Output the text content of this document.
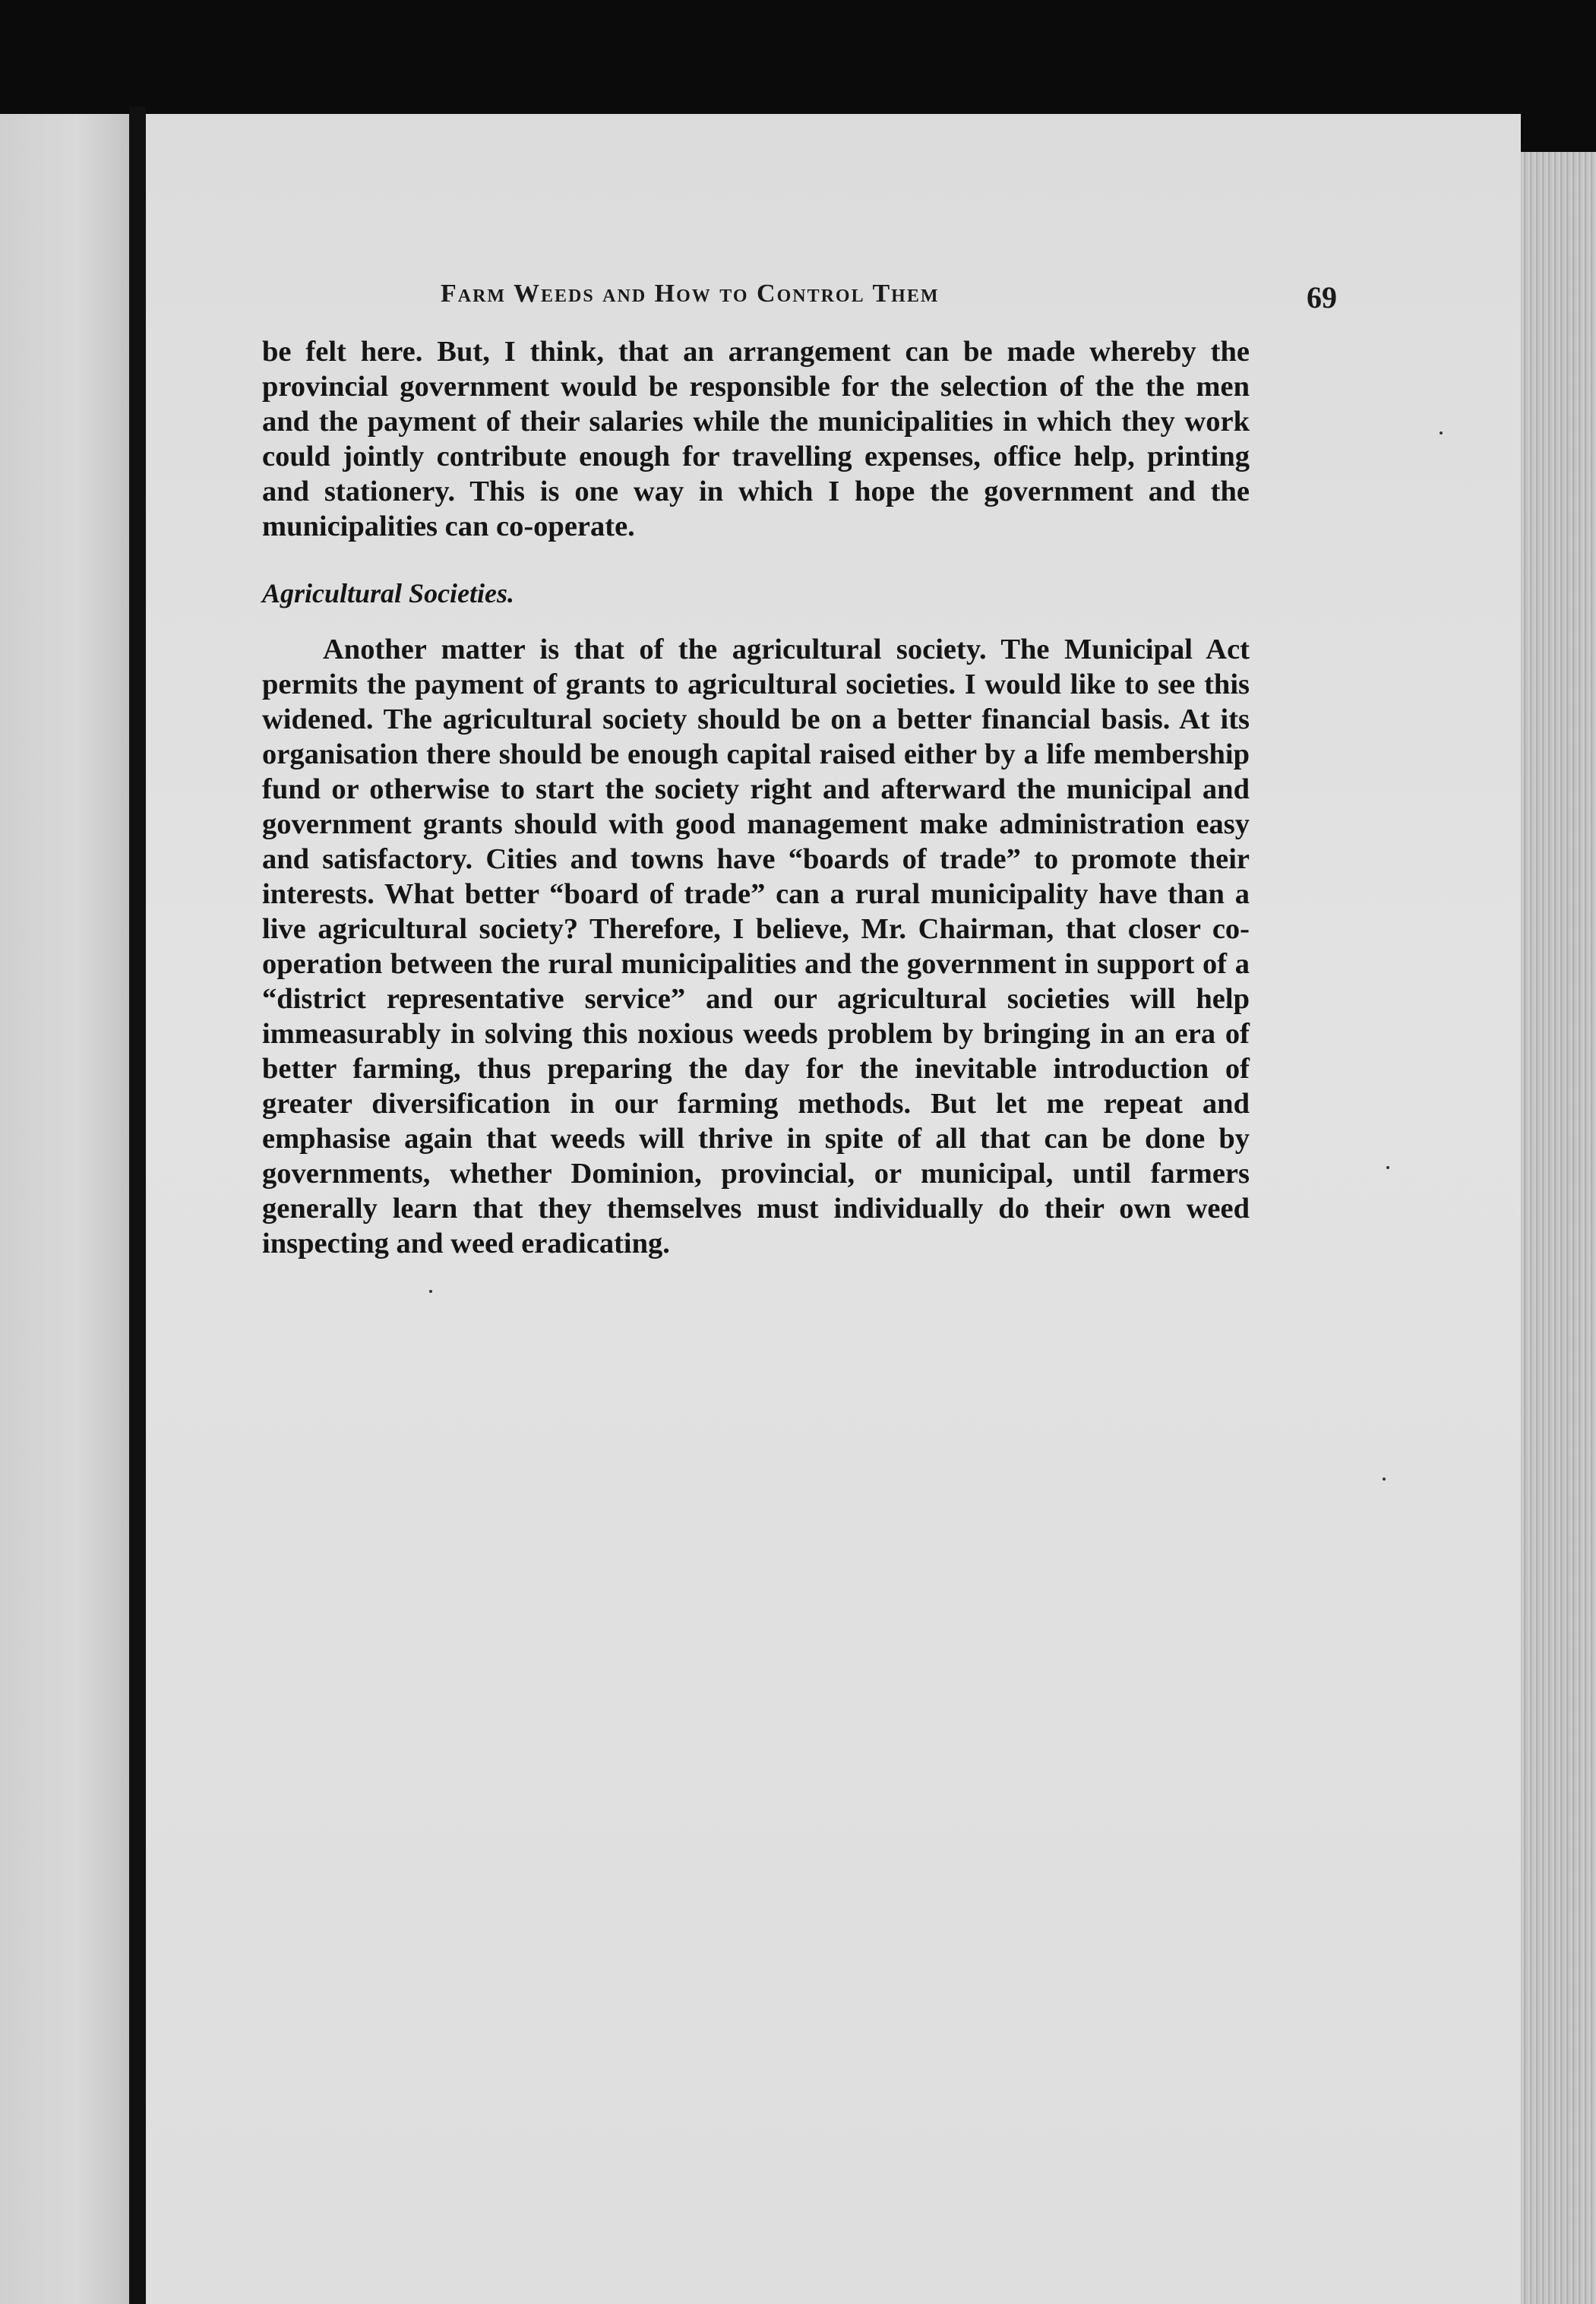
Farm Weeds and How to Control Them	69

be felt here. But, I think, that an arrangement can be made whereby the provincial government would be responsible for the selection of the the men and the payment of their salaries while the municipalities in which they work could jointly contribute enough for travelling expenses, office help, printing and stationery. This is one way in which I hope the government and the municipalities can co-operate.

Agricultural Societies.

Another matter is that of the agricultural society. The Municipal Act permits the payment of grants to agricultural societies. I would like to see this widened. The agricultural society should be on a better financial basis. At its organisation there should be enough capital raised either by a life membership fund or otherwise to start the society right and afterward the municipal and government grants should with good management make administration easy and satisfactory. Cities and towns have “boards of trade” to promote their interests. What better “board of trade” can a rural municipality have than a live agricultural society? Therefore, I believe, Mr. Chairman, that closer co-operation between the rural municipalities and the government in support of a “district representative service” and our agricultural societies will help immeasurably in solving this noxious weeds problem by bringing in an era of better farming, thus preparing the day for the inevitable introduction of greater diversification in our farming methods. But let me repeat and emphasise again that weeds will thrive in spite of all that can be done by governments, whether Dominion, provincial, or municipal, until farmers generally learn that they themselves must individually do their own weed inspecting and weed eradicating.
